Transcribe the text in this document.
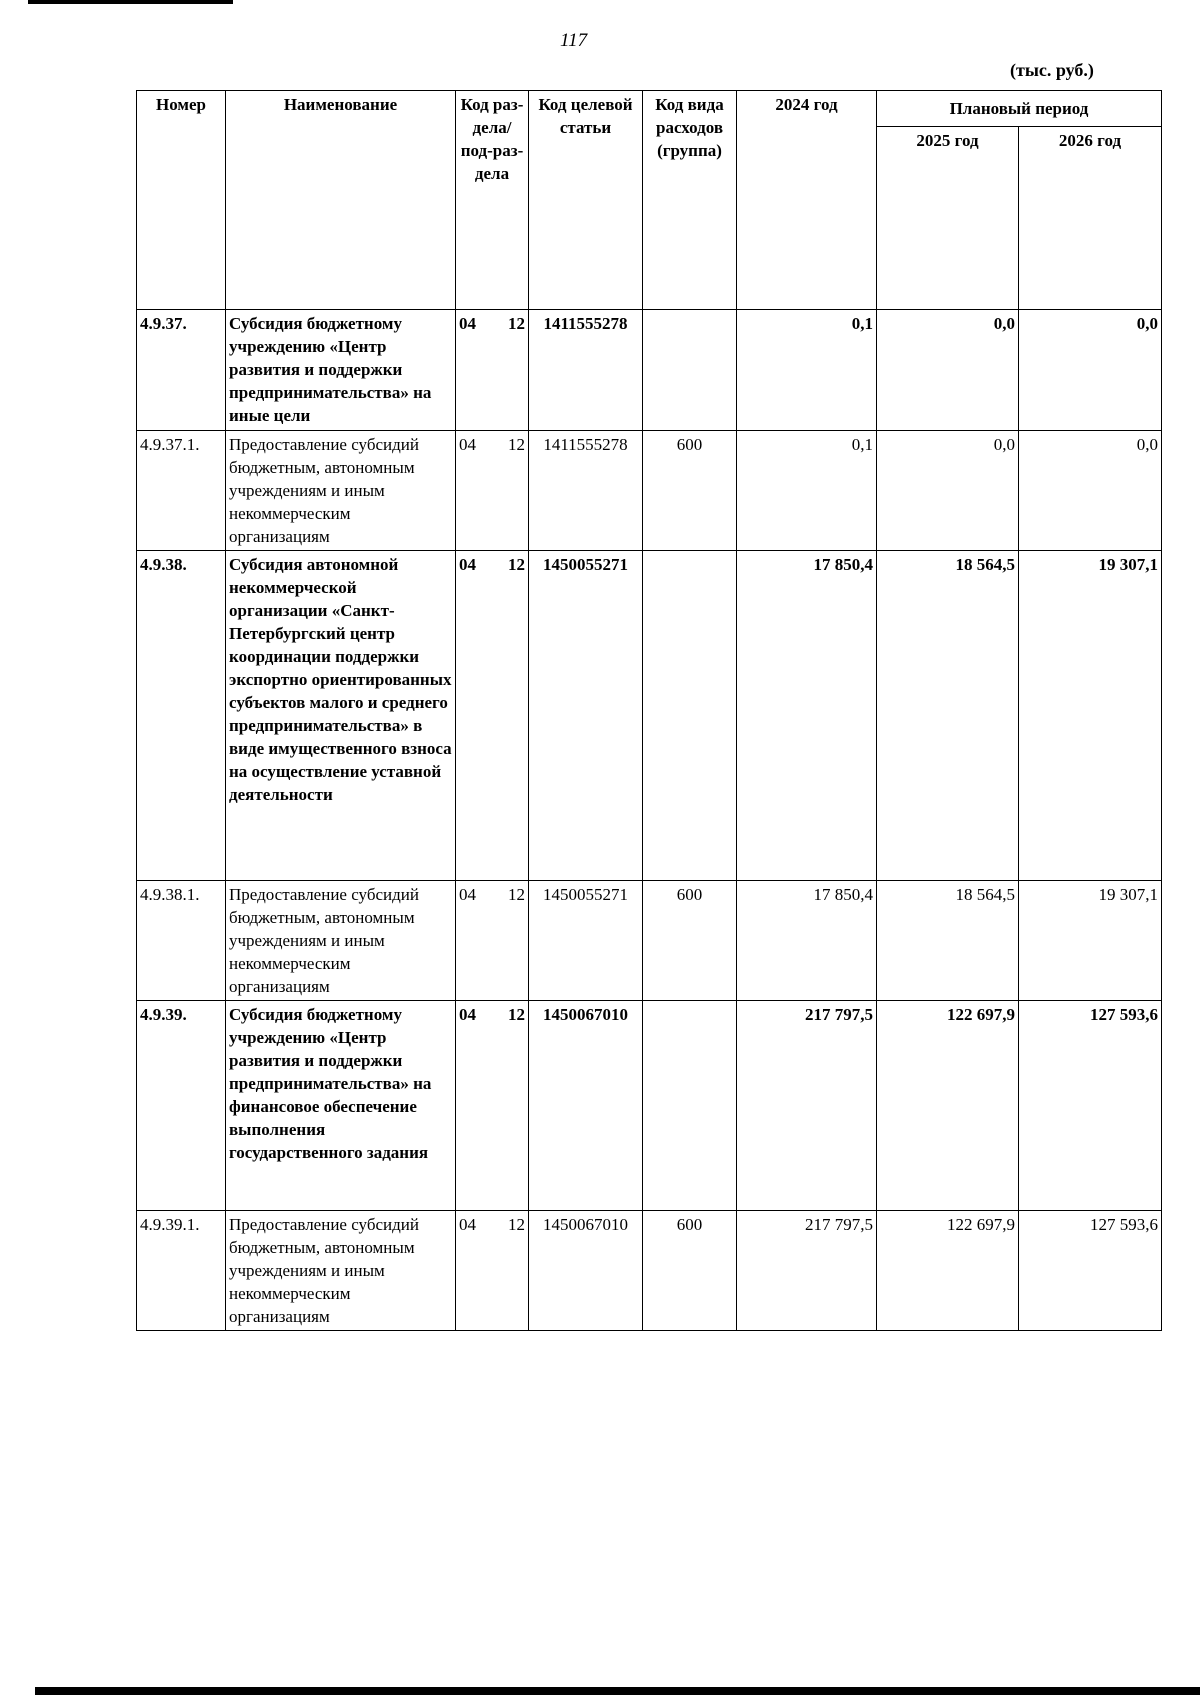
117
(тыс. руб.)
Номер	Наименование	Код раз-дела/ под-раз-дела	Код целевой статьи	Код вида расходов (группа)	2024 год	Плановый период	
						2025 год	2026 год
4.9.37.	Субсидия бюджетному учреждению «Центр развития и поддержки предпринимательства» на иные цели	04 12	1411555278		0,1	0,0	0,0
4.9.37.1.	Предоставление субсидий бюджетным, автономным учреждениям и иным некоммерческим организациям	04 12	1411555278	600	0,1	0,0	0,0
4.9.38.	Субсидия автономной некоммерческой организации «Санкт-Петербургский центр координации поддержки экспортно ориентированных субъектов малого и среднего предпринимательства» в виде имущественного взноса на осуществление уставной деятельности	04 12	1450055271		17 850,4	18 564,5	19 307,1
4.9.38.1.	Предоставление субсидий бюджетным, автономным учреждениям и иным некоммерческим организациям	04 12	1450055271	600	17 850,4	18 564,5	19 307,1
4.9.39.	Субсидия бюджетному учреждению «Центр развития и поддержки предпринимательства» на финансовое обеспечение выполнения государственного задания	04 12	1450067010		217 797,5	122 697,9	127 593,6
4.9.39.1.	Предоставление субсидий бюджетным, автономным учреждениям и иным некоммерческим организациям	04 12	1450067010	600	217 797,5	122 697,9	127 593,6
